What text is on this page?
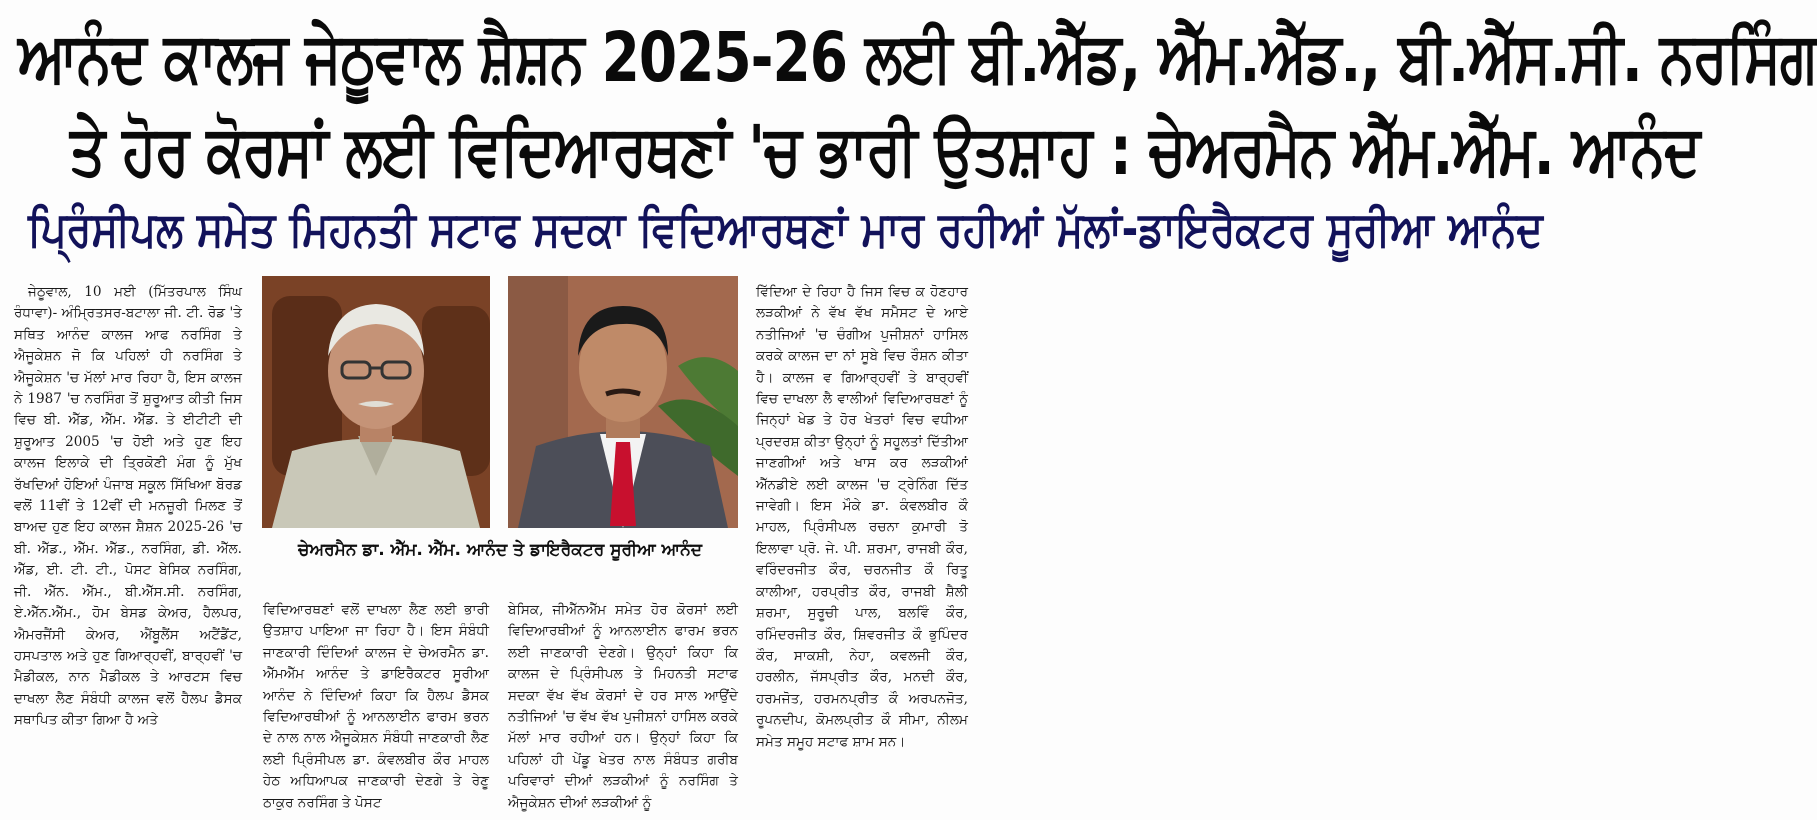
ਆਨੰਦ ਕਾਲਜ ਜੇਠੂਵਾਲ ਸ਼ੈਸ਼ਨ 2025-26 ਲਈ ਬੀ.ਐੱਡ, ਐੱਮ.ਐੱਡ., ਬੀ.ਐੱਸ.ਸੀ. ਨਰਸਿੰਗ
ਤੇ ਹੋਰ ਕੋਰਸਾਂ ਲਈ ਵਿਦਿਆਰਥਣਾਂ 'ਚ ਭਾਰੀ ਉਤਸ਼ਾਹ : ਚੇਅਰਮੈਨ ਐੱਮ.ਐੱਮ. ਆਨੰਦ
ਪ੍ਰਿੰਸੀਪਲ ਸਮੇਤ ਮਿਹਨਤੀ ਸਟਾਫ ਸਦਕਾ ਵਿਦਿਆਰਥਣਾਂ ਮਾਰ ਰਹੀਆਂ ਮੱਲਾਂ-ਡਾਇਰੈਕਟਰ ਸੂਰੀਆ ਆਨੰਦ
ਜੇਠੂਵਾਲ, 10 ਮਈ (ਮਿੱਤਰਪਾਲ ਸਿੰਘ ਰੰਧਾਵਾ)- ਅੰਮ੍ਰਿਤਸਰ-ਬਟਾਲਾ ਜੀ. ਟੀ. ਰੋਡ 'ਤੇ ਸਥਿਤ ਆਨੰਦ ਕਾਲਜ ਆਫ ਨਰਸਿੰਗ ਤੇ ਐਜੂਕੇਸ਼ਨ ਜੋ ਕਿ ਪਹਿਲਾਂ ਹੀ ਨਰਸਿੰਗ ਤੇ ਐਜੂਕੇਸ਼ਨ 'ਚ ਮੱਲਾਂ ਮਾਰ ਰਿਹਾ ਹੈ, ਇਸ ਕਾਲਜ ਨੇ 1987 'ਚ ਨਰਸਿੰਗ ਤੋਂ ਸ਼ੁਰੂਆਤ ਕੀਤੀ ਜਿਸ ਵਿਚ ਬੀ. ਐੱਡ, ਐੱਮ. ਐੱਡ. ਤੇ ਈਟੀਟੀ ਦੀ ਸ਼ੁਰੂਆਤ 2005 'ਚ ਹੋਈ ਅਤੇ ਹੁਣ ਇਹ ਕਾਲਜ ਇਲਾਕੇ ਦੀ ਤ੍ਰਿਕੋਣੀ ਮੰਗ ਨੂੰ ਮੁੱਖ ਰੱਖਦਿਆਂ ਹੋਇਆਂ ਪੰਜਾਬ ਸਕੂਲ ਸਿੱਖਿਆ ਬੋਰਡ ਵਲੋਂ 11ਵੀਂ ਤੇ 12ਵੀਂ ਦੀ ਮਨਜ਼ੂਰੀ ਮਿਲਣ ਤੋਂ ਬਾਅਦ ਹੁਣ ਇਹ ਕਾਲਜ ਸ਼ੈਸ਼ਨ 2025-26 'ਚ ਬੀ. ਐੱਡ., ਐੱਮ. ਐੱਡ., ਨਰਸਿੰਗ, ਡੀ. ਐੱਲ. ਐੱਡ, ਈ. ਟੀ. ਟੀ., ਪੋਸਟ ਬੇਸਿਕ ਨਰਸਿੰਗ, ਜੀ. ਐੱਨ. ਐੱਮ., ਬੀ.ਐੱਸ.ਸੀ. ਨਰਸਿੰਗ, ਏ.ਐੱਨ.ਐੱਮ., ਹੋਮ ਬੇਸਡ ਕੇਅਰ, ਹੈਲਪਰ, ਐਮਰਜੈਂਸੀ ਕੇਅਰ, ਐਂਬੂਲੈਂਸ ਅਟੈਂਡੈਂਟ, ਹਸਪਤਾਲ ਅਤੇ ਹੁਣ ਗਿਆਰ੍ਹਵੀਂ, ਬਾਰ੍ਹਵੀਂ 'ਚ ਮੈਡੀਕਲ, ਨਾਨ ਮੈਡੀਕਲ ਤੇ ਆਰਟਸ ਵਿਚ ਦਾਖਲਾ ਲੈਣ ਸੰਬੰਧੀ ਕਾਲਜ ਵਲੋਂ ਹੈਲਪ ਡੈਸਕ ਸਥਾਪਿਤ ਕੀਤਾ ਗਿਆ ਹੈ ਅਤੇ
ਚੇਅਰਮੈਨ ਡਾ. ਐੱਮ. ਐੱਮ. ਆਨੰਦ ਤੇ ਡਾਇਰੈਕਟਰ ਸੂਰੀਆ ਆਨੰਦ
ਵਿਦਿਆਰਥਣਾਂ ਵਲੋਂ ਦਾਖਲਾ ਲੈਣ ਲਈ ਭਾਰੀ ਉਤਸ਼ਾਹ ਪਾਇਆ ਜਾ ਰਿਹਾ ਹੈ। ਇਸ ਸੰਬੰਧੀ ਜਾਣਕਾਰੀ ਦਿੰਦਿਆਂ ਕਾਲਜ ਦੇ ਚੇਅਰਮੈਨ ਡਾ. ਐੱਮਐੱਮ ਆਨੰਦ ਤੇ ਡਾਇਰੈਕਟਰ ਸੂਰੀਆ ਆਨੰਦ ਨੇ ਦਿੰਦਿਆਂ ਕਿਹਾ ਕਿ ਹੈਲਪ ਡੈਸਕ ਵਿਦਿਆਰਥੀਆਂ ਨੂੰ ਆਨਲਾਈਨ ਫਾਰਮ ਭਰਨ ਦੇ ਨਾਲ ਨਾਲ ਐਜੂਕੇਸ਼ਨ ਸੰਬੰਧੀ ਜਾਣਕਾਰੀ ਲੈਣ ਲਈ ਪ੍ਰਿੰਸੀਪਲ ਡਾ. ਕੰਵਲਬੀਰ ਕੌਰ ਮਾਹਲ ਹੇਠ ਅਧਿਆਪਕ ਜਾਣਕਾਰੀ ਦੇਣਗੇ ਤੇ ਰੇਣੂ ਠਾਕੁਰ ਨਰਸਿੰਗ ਤੇ ਪੋਸਟ
ਬੇਸਿਕ, ਜੀਐੱਨਐੱਮ ਸਮੇਤ ਹੋਰ ਕੋਰਸਾਂ ਲਈ ਵਿਦਿਆਰਥੀਆਂ ਨੂੰ ਆਨਲਾਈਨ ਫਾਰਮ ਭਰਨ ਲਈ ਜਾਣਕਾਰੀ ਦੇਣਗੇ। ਉਨ੍ਹਾਂ ਕਿਹਾ ਕਿ ਕਾਲਜ ਦੇ ਪ੍ਰਿੰਸੀਪਲ ਤੇ ਮਿਹਨਤੀ ਸਟਾਫ ਸਦਕਾ ਵੱਖ ਵੱਖ ਕੋਰਸਾਂ ਦੇ ਹਰ ਸਾਲ ਆਉਂਦੇ ਨਤੀਜਿਆਂ 'ਚ ਵੱਖ ਵੱਖ ਪੁਜੀਸ਼ਨਾਂ ਹਾਸਿਲ ਕਰਕੇ ਮੱਲਾਂ ਮਾਰ ਰਹੀਆਂ ਹਨ। ਉਨ੍ਹਾਂ ਕਿਹਾ ਕਿ ਪਹਿਲਾਂ ਹੀ ਪੇਂਡੂ ਖੇਤਰ ਨਾਲ ਸੰਬੰਧਤ ਗਰੀਬ ਪਰਿਵਾਰਾਂ ਦੀਆਂ ਲੜਕੀਆਂ ਨੂੰ ਨਰਸਿੰਗ ਤੇ ਐਜੂਕੇਸ਼ਨ ਦੀਆਂ ਲੜਕੀਆਂ ਨੂੰ
ਵਿੱਦਿਆ ਦੇ ਰਿਹਾ ਹੈ ਜਿਸ ਵਿਚ ਕ ਹੋਣਹਾਰ ਲੜਕੀਆਂ ਨੇ ਵੱਖ ਵੱਖ ਸਮੈਸਟ ਦੇ ਆਏ ਨਤੀਜਿਆਂ 'ਚ ਚੰਗੀਅ ਪੁਜੀਸ਼ਨਾਂ ਹਾਸਿਲ ਕਰਕੇ ਕਾਲਜ ਦਾ ਨਾਂ ਸੂਬੇ ਵਿਚ ਰੌਸ਼ਨ ਕੀਤਾ ਹੈ। ਕਾਲਜ ਵ ਗਿਆਰ੍ਹਵੀਂ ਤੇ ਬਾਰ੍ਹਵੀਂ ਵਿਚ ਦਾਖਲਾ ਲੈ ਵਾਲੀਆਂ ਵਿਦਿਆਰਥਣਾਂ ਨੂੰ ਜਿਨ੍ਹਾਂ ਖੇਡ ਤੇ ਹੋਰ ਖੇਤਰਾਂ ਵਿਚ ਵਧੀਆ ਪ੍ਰਦਰਸ਼ ਕੀਤਾ ਉਨ੍ਹਾਂ ਨੂੰ ਸਹੂਲਤਾਂ ਦਿੱਤੀਆ ਜਾਣਗੀਆਂ ਅਤੇ ਖਾਸ ਕਰ ਲੜਕੀਆਂ ਐੱਨਡੀਏ ਲਈ ਕਾਲਜ 'ਚ ਟ੍ਰੇਨਿੰਗ ਦਿੱਤ ਜਾਵੇਗੀ। ਇਸ ਮੌਕੇ ਡਾ. ਕੰਵਲਬੀਰ ਕੌ ਮਾਹਲ, ਪ੍ਰਿੰਸੀਪਲ ਰਚਨਾ ਕੁਮਾਰੀ ਤੋ ਇਲਾਵਾ ਪ੍ਰੋ. ਜੇ. ਪੀ. ਸ਼ਰਮਾ, ਰਾਜਬੀ ਕੌਰ, ਵਰਿੰਦਰਜੀਤ ਕੌਰ, ਚਰਨਜੀਤ ਕੌ ਰਿਤੂ ਕਾਲੀਆ, ਹਰਪ੍ਰੀਤ ਕੌਰ, ਰਾਜਬੀ ਸ਼ੈਲੀ ਸ਼ਰਮਾ, ਸੁਰੂਚੀ ਪਾਲ, ਬਲਵਿੰ ਕੌਰ, ਰਮਿੰਦਰਜੀਤ ਕੌਰ, ਸ਼ਿਵਰਜੀਤ ਕੌ ਭੁਪਿੰਦਰ ਕੌਰ, ਸਾਕਸ਼ੀ, ਨੇਹਾ, ਕਵਲਜੀ ਕੌਰ, ਹਰਲੀਨ, ਜੱਸਪ੍ਰੀਤ ਕੌਰ, ਮਨਦੀ ਕੌਰ, ਹਰਮਜੋਤ, ਹਰਮਨਪ੍ਰੀਤ ਕੌ ਅਰਪਨਜੋਤ, ਰੂਪਨਦੀਪ, ਕੋਮਲਪ੍ਰੀਤ ਕੌ ਸੀਮਾ, ਨੀਲਮ ਸਮੇਤ ਸਮੂਹ ਸਟਾਫ ਸ਼ਾਮ ਸਨ।
